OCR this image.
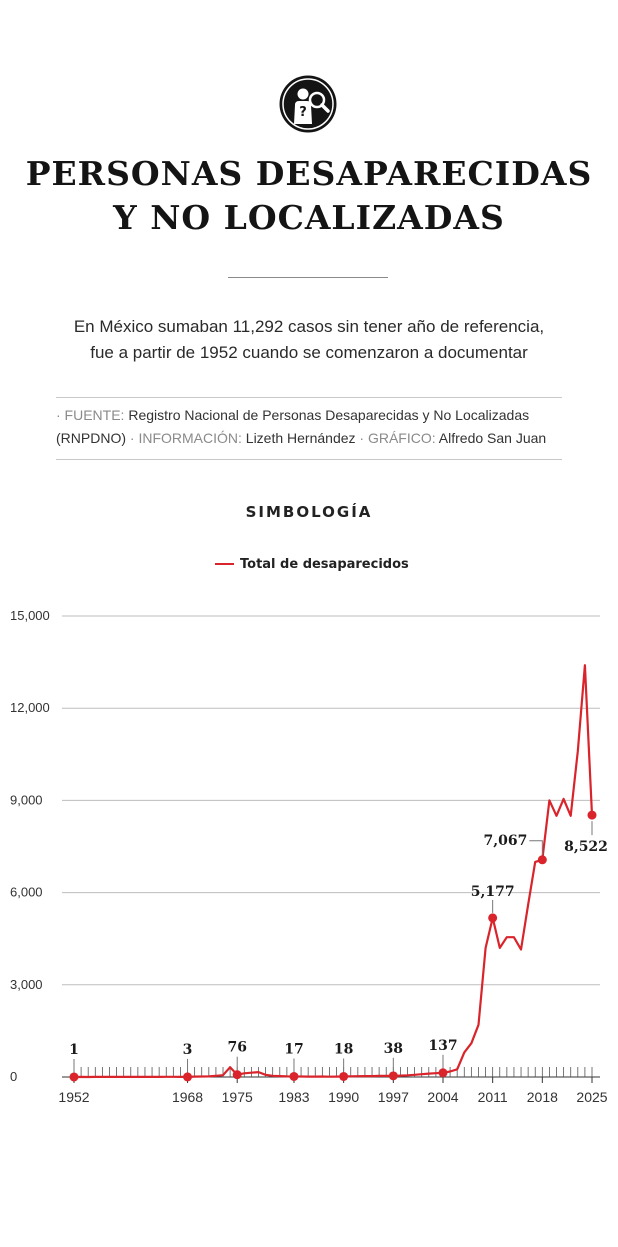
?
PERSONAS DESAPARECIDAS
Y NO LOCALIZADAS
En México sumaban 11,292 casos sin tener año de referencia,
fue a partir de 1952 cuando se comenzaron a documentar
· FUENTE: Registro Nacional de Personas Desaparecidas y No Localizadas (RNPDNO) · INFORMACIÓN: Lizeth Hernández · GRÁFICO: Alfredo San Juan
SIMBOLOGÍA
Total de desaparecidos
0
3,000
6,000
9,000
12,000
15,000
1952	1968 1975 1983 1990 1997 2004 2011 2018 2025
1	3	76	17 18 38 137
5,177
7,067	8,522
